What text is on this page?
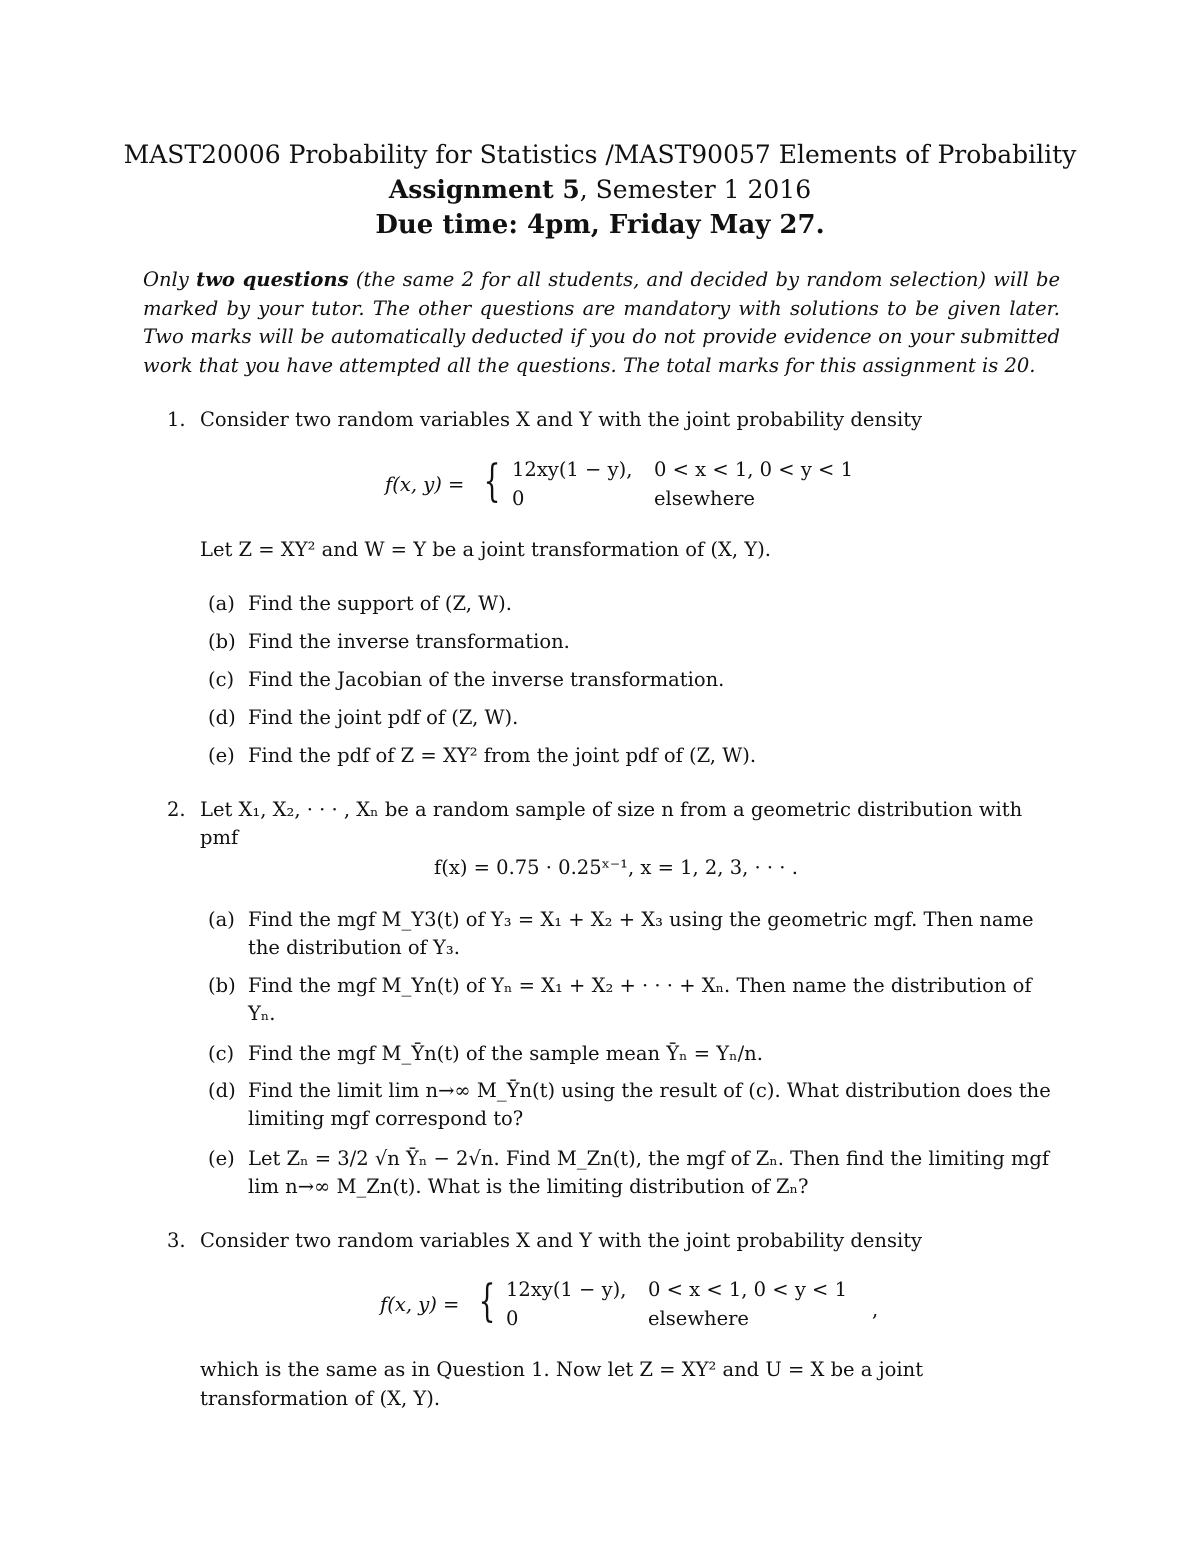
MAST20006 Probability for Statistics /MAST90057 Elements of Probability
Assignment 5, Semester 1 2016
Due time: 4pm, Friday May 27.
Only two questions (the same 2 for all students, and decided by random selection) will be marked by your tutor. The other questions are mandatory with solutions to be given later. Two marks will be automatically deducted if you do not provide evidence on your submitted work that you have attempted all the questions. The total marks for this assignment is 20.
1. Consider two random variables X and Y with the joint probability density
f(x, y) = { 12xy(1 − y), 0 < x < 1, 0 < y < 1
0	elsewhere
Let Z = XY² and W = Y be a joint transformation of (X, Y).
(a) Find the support of (Z, W).
(b) Find the inverse transformation.
(c) Find the Jacobian of the inverse transformation.
(d) Find the joint pdf of (Z, W).
(e) Find the pdf of Z = XY² from the joint pdf of (Z, W).
2. Let X₁, X₂, · · · , Xₙ be a random sample of size n from a geometric distribution with
pmf
f(x) = 0.75 · 0.25ˣ⁻¹, x = 1, 2, 3, · · · .
(a) Find the mgf M_Y3(t) of Y₃ = X₁ + X₂ + X₃ using the geometric mgf. Then name
the distribution of Y₃.
(b) Find the mgf M_Yn(t) of Yₙ = X₁ + X₂ + · · · + Xₙ. Then name the distribution of
Yₙ.
(c) Find the mgf M_Ȳn(t) of the sample mean Ȳₙ = Yₙ/n.
(d) Find the limit lim n→∞ M_Ȳn(t) using the result of (c). What distribution does the
limiting mgf correspond to?
(e) Let Zₙ = 3/2 √n Ȳₙ − 2√n. Find M_Zn(t), the mgf of Zₙ. Then find the limiting mgf
lim n→∞ M_Zn(t). What is the limiting distribution of Zₙ?
3. Consider two random variables X and Y with the joint probability density
f(x, y) = { 12xy(1 − y), 0 < x < 1, 0 < y < 1
0	elsewhere	,
which is the same as in Question 1. Now let Z = XY² and U = X be a joint
transformation of (X, Y).
